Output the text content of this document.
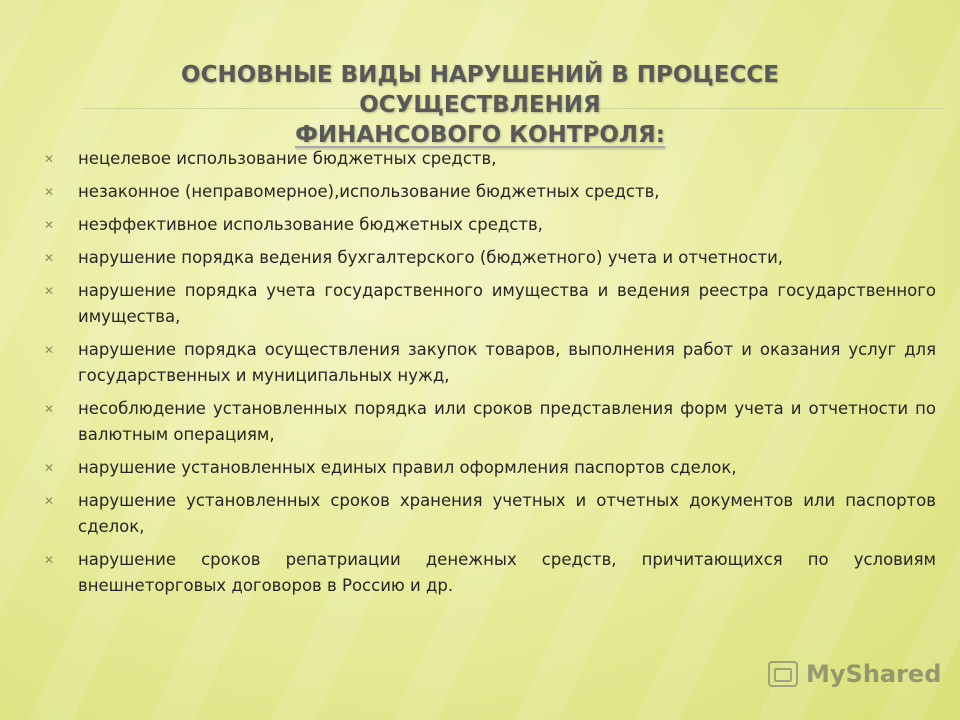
ОСНОВНЫЕ ВИДЫ НАРУШЕНИЙ В ПРОЦЕССЕ ОСУЩЕСТВЛЕНИЯ
ФИНАНСОВОГО КОНТРОЛЯ:
✕ нецелевое использование бюджетных средств,
✕ незаконное (неправомерное),использование бюджетных средств,
✕ неэффективное использование бюджетных средств,
✕ нарушение порядка ведения бухгалтерского (бюджетного) учета и отчетности,
✕ нарушение порядка учета государственного имущества и ведения реестра государственного имущества,
✕ нарушение порядка осуществления закупок товаров, выполнения работ и оказания услуг для государственных и муниципальных нужд,
✕ несоблюдение установленных порядка или сроков представления форм учета и отчетности по валютным операциям,
✕ нарушение установленных единых правил оформления паспортов сделок,
✕ нарушение установленных сроков хранения учетных и отчетных документов или паспортов сделок,
✕ нарушение сроков репатриации денежных средств, причитающихся по условиям внешнеторговых договоров в Россию и др.
MyShared
